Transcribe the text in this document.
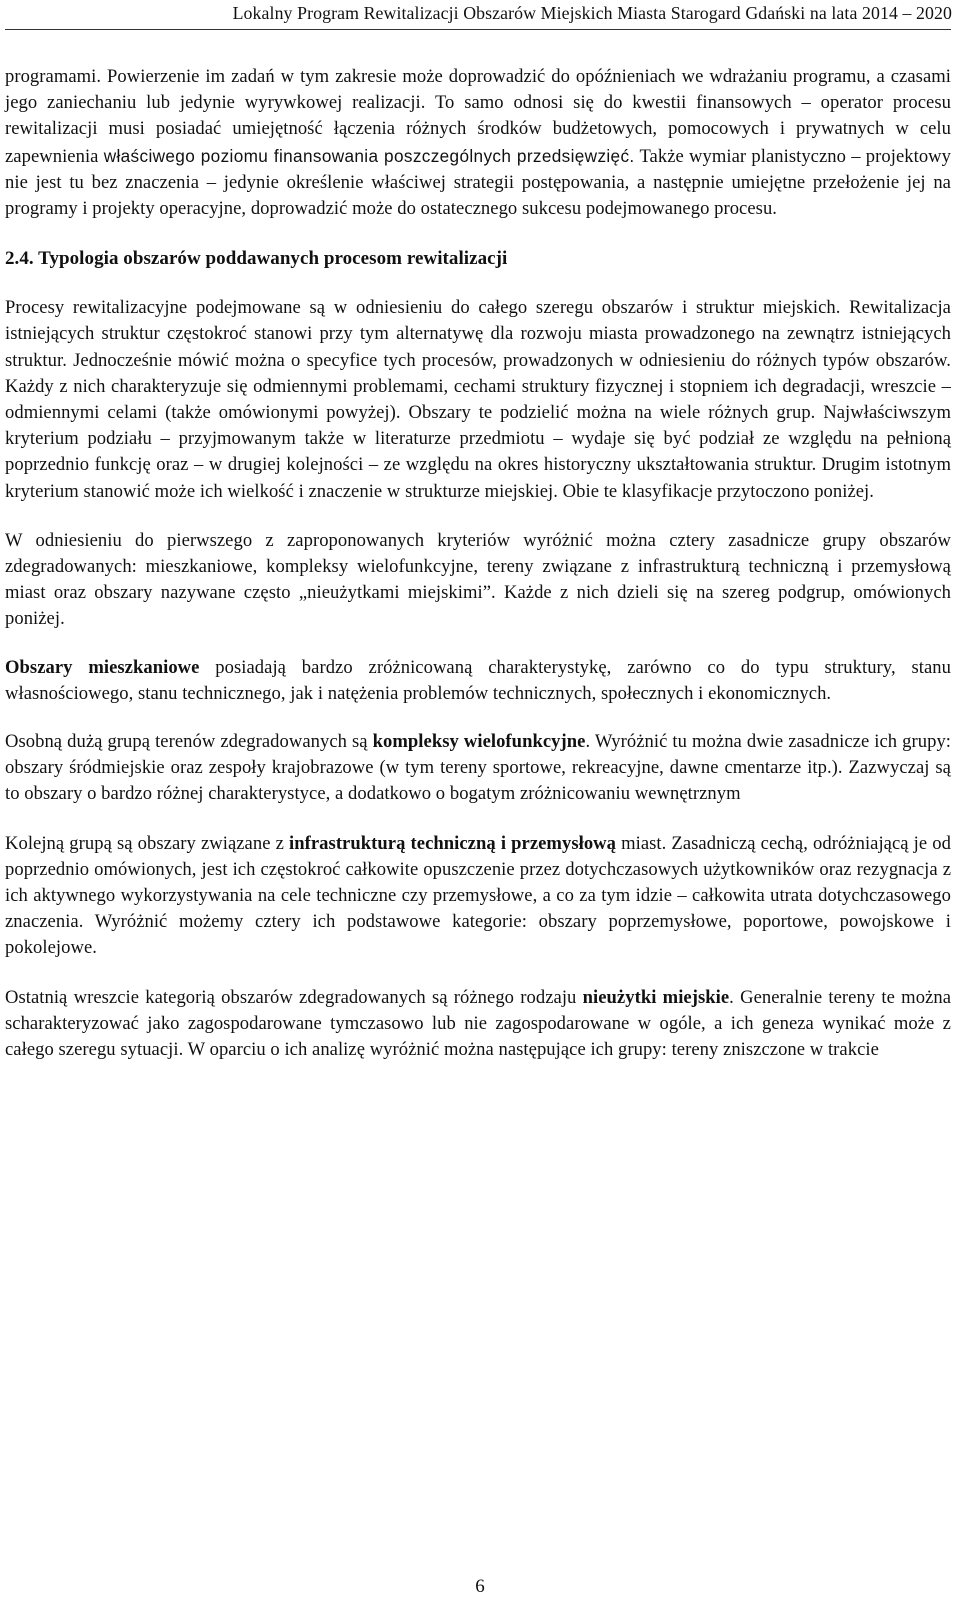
Lokalny Program Rewitalizacji Obszarów Miejskich Miasta Starogard Gdański na lata 2014 – 2020

programami. Powierzenie im zadań w tym zakresie może doprowadzić do opóźnieniach we wdrażaniu programu, a czasami jego zaniechaniu lub jedynie wyrywkowej realizacji. To samo odnosi się do kwestii finansowych – operator procesu rewitalizacji musi posiadać umiejętność łączenia różnych środków budżetowych, pomocowych i prywatnych w celu zapewnienia właściwego poziomu finansowania poszczególnych przedsięwzięć. Także wymiar planistyczno – projektowy nie jest tu bez znaczenia – jedynie określenie właściwej strategii postępowania, a następnie umiejętne przełożenie jej na programy i projekty operacyjne, doprowadzić może do ostatecznego sukcesu podejmowanego procesu.

2.4. Typologia obszarów poddawanych procesom rewitalizacji

Procesy rewitalizacyjne podejmowane są w odniesieniu do całego szeregu obszarów i struktur miejskich. Rewitalizacja istniejących struktur częstokroć stanowi przy tym alternatywę dla rozwoju miasta prowadzonego na zewnątrz istniejących struktur. Jednocześnie mówić można o specyfice tych procesów, prowadzonych w odniesieniu do różnych typów obszarów. Każdy z nich charakteryzuje się odmiennymi problemami, cechami struktury fizycznej i stopniem ich degradacji, wreszcie – odmiennymi celami (także omówionymi powyżej). Obszary te podzielić można na wiele różnych grup. Najwłaściwszym kryterium podziału – przyjmowanym także w literaturze przedmiotu – wydaje się być podział ze względu na pełnioną poprzednio funkcję oraz – w drugiej kolejności – ze względu na okres historyczny ukształtowania struktur. Drugim istotnym kryterium stanowić może ich wielkość i znaczenie w strukturze miejskiej. Obie te klasyfikacje przytoczono poniżej.

W odniesieniu do pierwszego z zaproponowanych kryteriów wyróżnić można cztery zasadnicze grupy obszarów zdegradowanych: mieszkaniowe, kompleksy wielofunkcyjne, tereny związane z infrastrukturą techniczną i przemysłową miast oraz obszary nazywane często „nieużytkami miejskimi”. Każde z nich dzieli się na szereg podgrup, omówionych poniżej.

Obszary mieszkaniowe posiadają bardzo zróżnicowaną charakterystykę, zarówno co do typu struktury, stanu własnościowego, stanu technicznego, jak i natężenia problemów technicznych, społecznych i ekonomicznych.

Osobną dużą grupą terenów zdegradowanych są kompleksy wielofunkcyjne. Wyróżnić tu można dwie zasadnicze ich grupy: obszary śródmiejskie oraz zespoły krajobrazowe (w tym tereny sportowe, rekreacyjne, dawne cmentarze itp.). Zazwyczaj są to obszary o bardzo różnej charakterystyce, a dodatkowo o bogatym zróżnicowaniu wewnętrznym

Kolejną grupą są obszary związane z infrastrukturą techniczną i przemysłową miast. Zasadniczą cechą, odróżniającą je od poprzednio omówionych, jest ich częstokroć całkowite opuszczenie przez dotychczasowych użytkowników oraz rezygnacja z ich aktywnego wykorzystywania na cele techniczne czy przemysłowe, a co za tym idzie – całkowita utrata dotychczasowego znaczenia. Wyróżnić możemy cztery ich podstawowe kategorie: obszary poprzemysłowe, poportowe, powojskowe i pokolejowe.

Ostatnią wreszcie kategorią obszarów zdegradowanych są różnego rodzaju nieużytki miejskie. Generalnie tereny te można scharakteryzować jako zagospodarowane tymczasowo lub nie zagospodarowane w ogóle, a ich geneza wynikać może z całego szeregu sytuacji. W oparciu o ich analizę wyróżnić można następujące ich grupy: tereny zniszczone w trakcie

6
